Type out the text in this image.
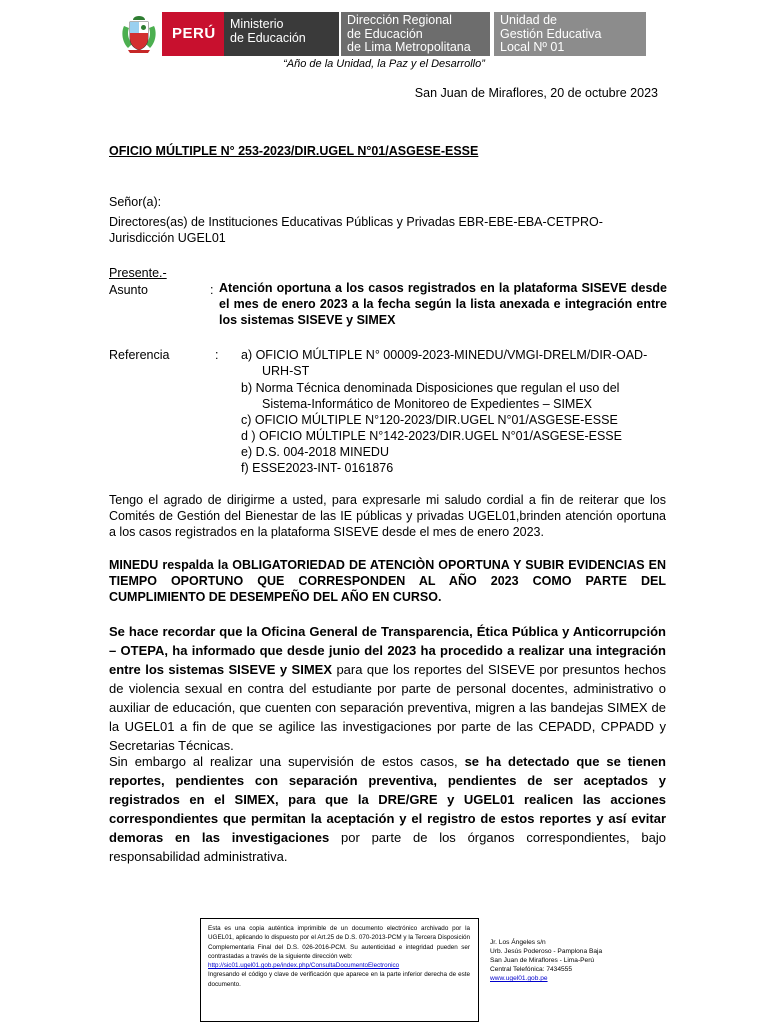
PERÚ
Ministerio
de Educación
Dirección Regional
de Educación
de Lima Metropolitana
Unidad de
Gestión Educativa
Local Nº 01
“Año de la Unidad, la Paz y el Desarrollo”
San Juan de Miraflores, 20 de octubre 2023
OFICIO MÚLTIPLE N° 253-2023/DIR.UGEL N°01/ASGESE-ESSE
Señor(a):
Directores(as) de Instituciones Educativas Públicas y Privadas EBR-EBE-EBA-CETPRO-
Jurisdicción UGEL01
Presente.-
Asunto	: Atención oportuna a los casos registrados en la plataforma SISEVE desde el mes de enero 2023 a la fecha según la lista anexada e integración entre los sistemas SISEVE y SIMEX
Referencia	: a) OFICIO MÚLTIPLE N° 00009-2023-MINEDU/VMGI-DRELM/DIR-OAD-
URH-ST
b) Norma Técnica denominada Disposiciones que regulan el uso del
Sistema-Informático de Monitoreo de Expedientes – SIMEX
c) OFICIO MÚLTIPLE N°120-2023/DIR.UGEL N°01/ASGESE-ESSE
d ) OFICIO MÚLTIPLE N°142-2023/DIR.UGEL N°01/ASGESE-ESSE
e) D.S. 004-2018 MINEDU
f) ESSE2023-INT- 0161876
Tengo el agrado de dirigirme a usted, para expresarle mi saludo cordial a fin de reiterar que los Comités de Gestión del Bienestar de las IE públicas y privadas UGEL01,brinden atención oportuna a los casos registrados en la plataforma SISEVE desde el mes de enero 2023.
MINEDU respalda la OBLIGATORIEDAD DE ATENCIÒN OPORTUNA Y SUBIR EVIDENCIAS EN TIEMPO OPORTUNO QUE CORRESPONDEN AL AÑO 2023 COMO PARTE DEL CUMPLIMIENTO DE DESEMPEÑO DEL AÑO EN CURSO.
Se hace recordar que la Oficina General de Transparencia, Ética Pública y Anticorrupción – OTEPA, ha informado que desde junio del 2023 ha procedido a realizar una integración entre los sistemas SISEVE y SIMEX para que los reportes del SISEVE por presuntos hechos de violencia sexual en contra del estudiante por parte de personal docentes, administrativo o auxiliar de educación, que cuenten con separación preventiva, migren a las bandejas SIMEX de la UGEL01 a fin de que se agilice las investigaciones por parte de las CEPADD, CPPADD y Secretarias Técnicas.
Sin embargo al realizar una supervisión de estos casos, se ha detectado que se tienen reportes, pendientes con separación preventiva, pendientes de ser aceptados y registrados en el SIMEX, para que la DRE/GRE y UGEL01 realicen las acciones correspondientes que permitan la aceptación y el registro de estos reportes y así evitar demoras en las investigaciones por parte de los órganos correspondientes, bajo responsabilidad administrativa.
Esta es una copia auténtica imprimible de un documento electrónico archivado por la UGEL01, aplicando lo dispuesto por el Art.25 de D.S. 070-2013-PCM y la Tercera Disposición Complementaria Final del D.S. 026-2016-PCM. Su autenticidad e integridad pueden ser contrastadas a través de la siguiente dirección web:
http://sic01.ugel01.gob.pe/index.php/ConsultaDocumentoElectronico
Ingresando el código y clave de verificación que aparece en la parte inferior derecha de este documento.
Jr. Los Ángeles s/n
Urb. Jesús Poderoso - Pamplona Baja
San Juan de Miraflores - Lima-Perú
Central Telefónica: 7434555
www.ugel01.gob.pe
